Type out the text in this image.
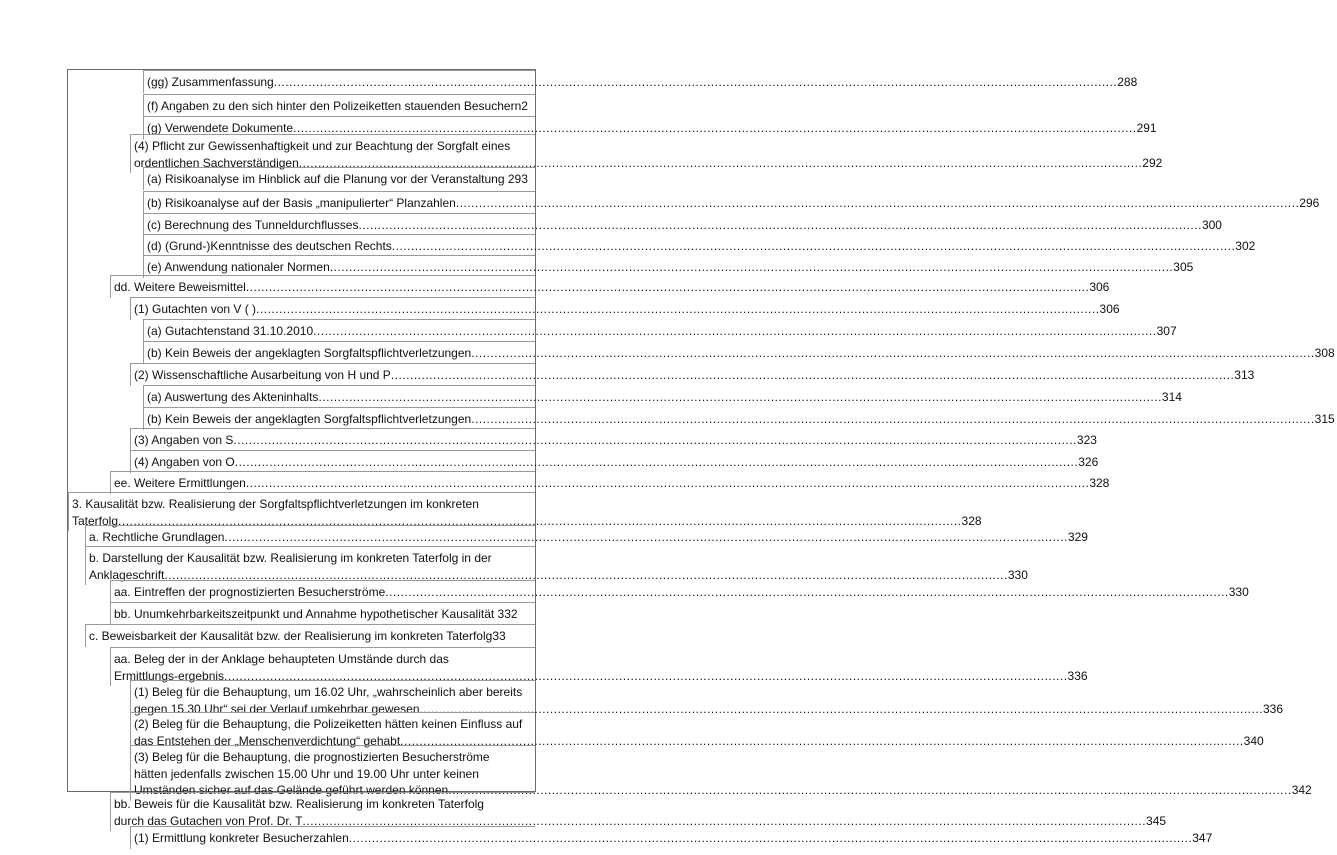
(gg) Zusammenfassung ............................................................................................................................................................................................................................ 288
(f) Angaben zu den sich hinter den Polizeiketten stauenden Besuchern2
(g) Verwendete Dokumente ............................................................................................................................................................................................................................ 291
(4) Pflicht zur Gewissenhaftigkeit und zur Beachtung der Sorgfalt eines
ordentlichen Sachverständigen ............................................................................................................................................................................................................................ 292
(a) Risikoanalyse im Hinblick auf die Planung vor der Veranstaltung 293
(b) Risikoanalyse auf der Basis „manipulierter“ Planzahlen ............................................................................................................................................................................................................................ 296
(c) Berechnung des Tunneldurchflusses ............................................................................................................................................................................................................................ 300
(d) (Grund-)Kenntnisse des deutschen Rechts ............................................................................................................................................................................................................................ 302
(e) Anwendung nationaler Normen ............................................................................................................................................................................................................................ 305
dd. Weitere Beweismittel ............................................................................................................................................................................................................................ 306
(1) Gutachten von V ( ) ............................................................................................................................................................................................................................ 306
(a) Gutachtenstand 31.10.2010 ............................................................................................................................................................................................................................ 307
(b) Kein Beweis der angeklagten Sorgfaltspflichtverletzungen ............................................................................................................................................................................................................................ 308
(2) Wissenschaftliche Ausarbeitung von H und P ............................................................................................................................................................................................................................ 313
(a) Auswertung des Akteninhalts ............................................................................................................................................................................................................................ 314
(b) Kein Beweis der angeklagten Sorgfaltspflichtverletzungen ............................................................................................................................................................................................................................ 315
(3) Angaben von S ............................................................................................................................................................................................................................ 323
(4) Angaben von O ............................................................................................................................................................................................................................ 326
ee. Weitere Ermittlungen ............................................................................................................................................................................................................................ 328
3. Kausalität bzw. Realisierung der Sorgfaltspflichtverletzungen im konkreten
Taterfolg ............................................................................................................................................................................................................................ 328
a. Rechtliche Grundlagen ............................................................................................................................................................................................................................ 329
b. Darstellung der Kausalität bzw. Realisierung im konkreten Taterfolg in der
Anklageschrift ............................................................................................................................................................................................................................ 330
aa. Eintreffen der prognostizierten Besucherströme ............................................................................................................................................................................................................................ 330
bb. Unumkehrbarkeitszeitpunkt und Annahme hypothetischer Kausalität 332
c. Beweisbarkeit der Kausalität bzw. der Realisierung im konkreten Taterfolg33
aa. Beleg der in der Anklage behaupteten Umstände durch das
Ermittlungs-ergebnis ............................................................................................................................................................................................................................ 336
(1) Beleg für die Behauptung, um 16.02 Uhr, „wahrscheinlich aber bereits
gegen 15.30 Uhr“ sei der Verlauf umkehrbar gewesen ............................................................................................................................................................................................................................ 336
(2) Beleg für die Behauptung, die Polizeiketten hätten keinen Einfluss auf
das Entstehen der „Menschenverdichtung“ gehabt ............................................................................................................................................................................................................................ 340
(3) Beleg für die Behauptung, die prognostizierten Besucherströme
hätten jedenfalls zwischen 15.00 Uhr und 19.00 Uhr unter keinen
Umständen sicher auf das Gelände geführt werden können ............................................................................................................................................................................................................................ 342
bb. Beweis für die Kausalität bzw. Realisierung im konkreten Taterfolg
durch das Gutachen von Prof. Dr. T ............................................................................................................................................................................................................................ 345
(1) Ermittlung konkreter Besucherzahlen ............................................................................................................................................................................................................................ 347
